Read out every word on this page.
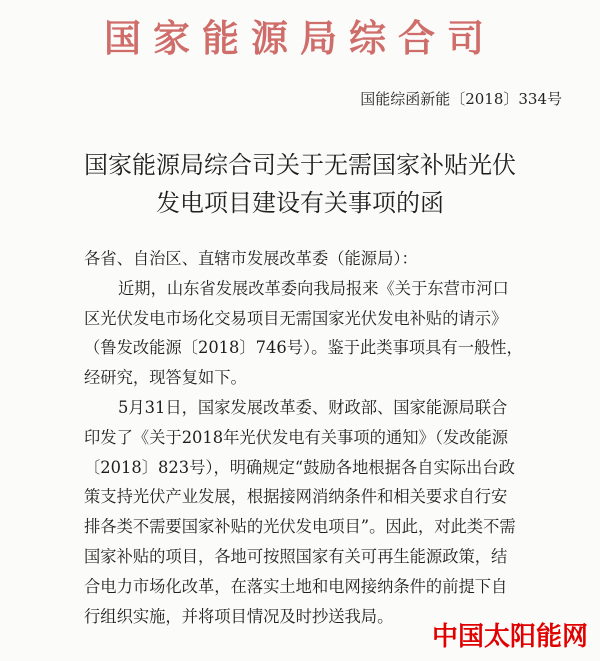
国家能源局综合司
国能综函新能〔2018〕334号
国家能源局综合司关于无需国家补贴光伏
发电项目建设有关事项的函
各省、自治区、直辖市发展改革委（能源局）：
近期，山东省发展改革委向我局报来《关于东营市河口
区光伏发电市场化交易项目无需国家光伏发电补贴的请示》
（鲁发改能源〔2018〕746号）。鉴于此类事项具有一般性，
经研究，现答复如下。
5月31日，国家发展改革委、财政部、国家能源局联合
印发了《关于2018年光伏发电有关事项的通知》（发改能源
〔2018〕823号），明确规定“鼓励各地根据各自实际出台政
策支持光伏产业发展，根据接网消纳条件和相关要求自行安
排各类不需要国家补贴的光伏发电项目”。因此，对此类不需
国家补贴的项目，各地可按照国家有关可再生能源政策，结
合电力市场化改革，在落实土地和电网接纳条件的前提下自
行组织实施，并将项目情况及时抄送我局。
中国太阳能网
